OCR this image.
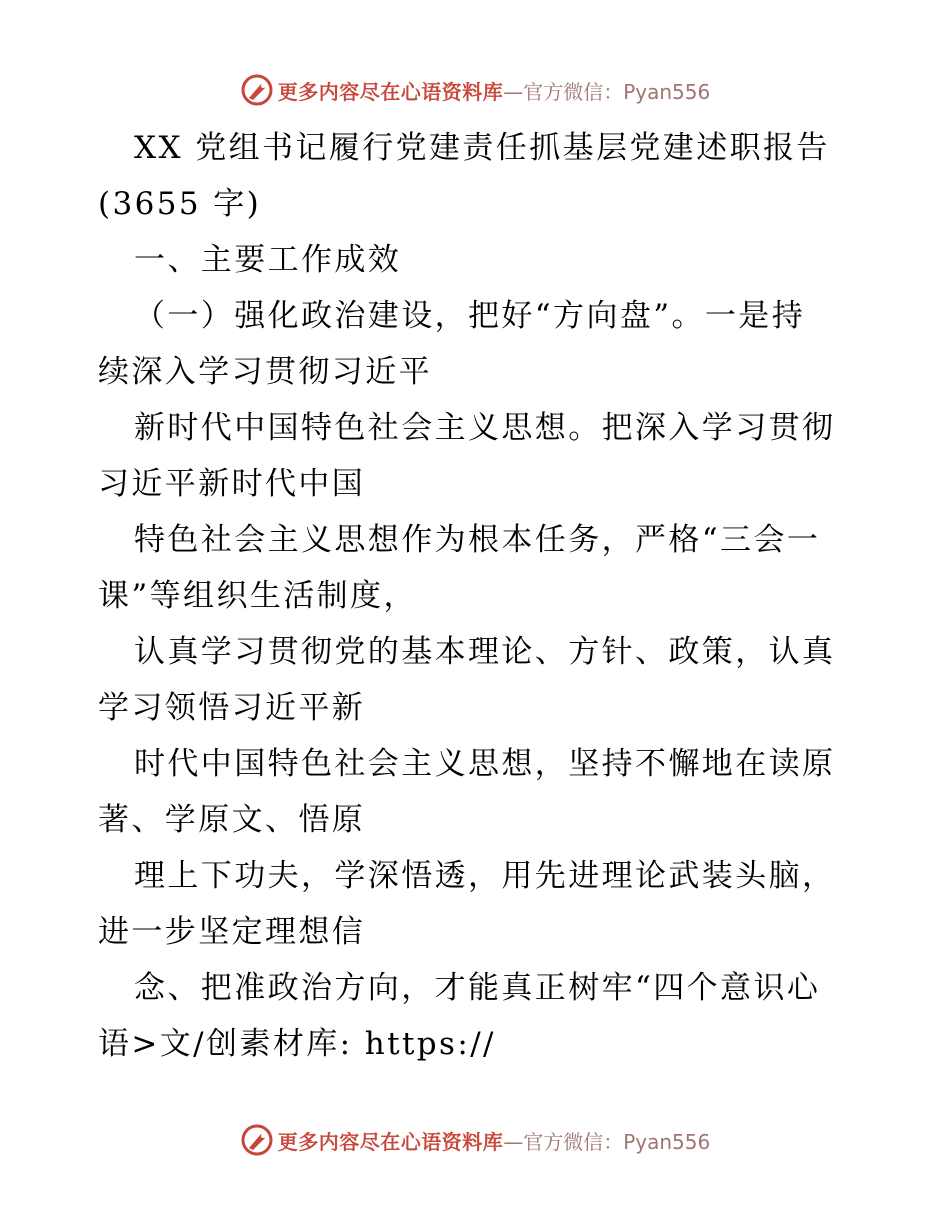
更多内容尽在心语资料库 —官方微信：Pyan556
XX 党组书记履行党建责任抓基层党建述职报告
(3655 字)
一、主要工作成效
（一）强化政治建设，把好“方向盘”。一是持
续深入学习贯彻习近平
新时代中国特色社会主义思想。把深入学习贯彻
习近平新时代中国
特色社会主义思想作为根本任务，严格“三会一
课”等组织生活制度，
认真学习贯彻党的基本理论、方针、政策，认真
学习领悟习近平新
时代中国特色社会主义思想，坚持不懈地在读原
著、学原文、悟原
理上下功夫，学深悟透，用先进理论武装头脑，
进一步坚定理想信
念、把准政治方向，才能真正树牢“四个意识心
语>文/创素材库: https://
更多内容尽在心语资料库 —官方微信：Pyan556
